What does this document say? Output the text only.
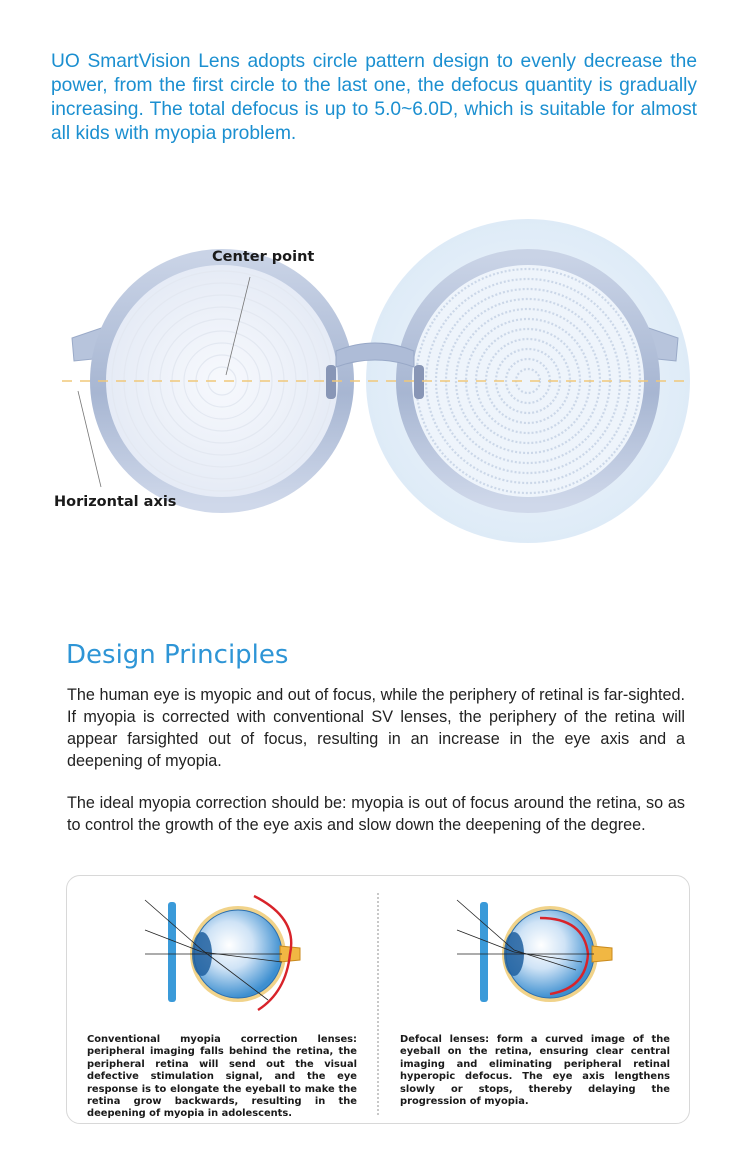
UO SmartVision Lens adopts circle pattern design to evenly decrease the power, from the first circle to the last one, the defocus quantity is gradually increasing. The total defocus is up to 5.0~6.0D, which is suitable for almost all kids with myopia problem.
Center point
Horizontal axis
Design Principles
The human eye is myopic and out of focus, while the periphery of retinal is far-sighted. If myopia is corrected with conventional SV lenses, the periphery of the retina will appear farsighted out of focus, resulting in an increase in the eye axis and a deepening of myopia.
The ideal myopia correction should be: myopia is out of focus around the retina, so as to control the growth of the eye axis and slow down the deepening of the degree.
Conventional myopia correction lenses: peripheral imaging falls behind the retina, the peripheral retina will send out the visual defective stimulation signal, and the eye response is to elongate the eyeball to make the retina grow backwards, resulting in the deepening of myopia in adolescents.
Defocal lenses: form a curved image of the eyeball on the retina, ensuring clear central imaging and eliminating peripheral retinal hyperopic defocus. The eye axis lengthens slowly or stops, thereby delaying the progression of myopia.
